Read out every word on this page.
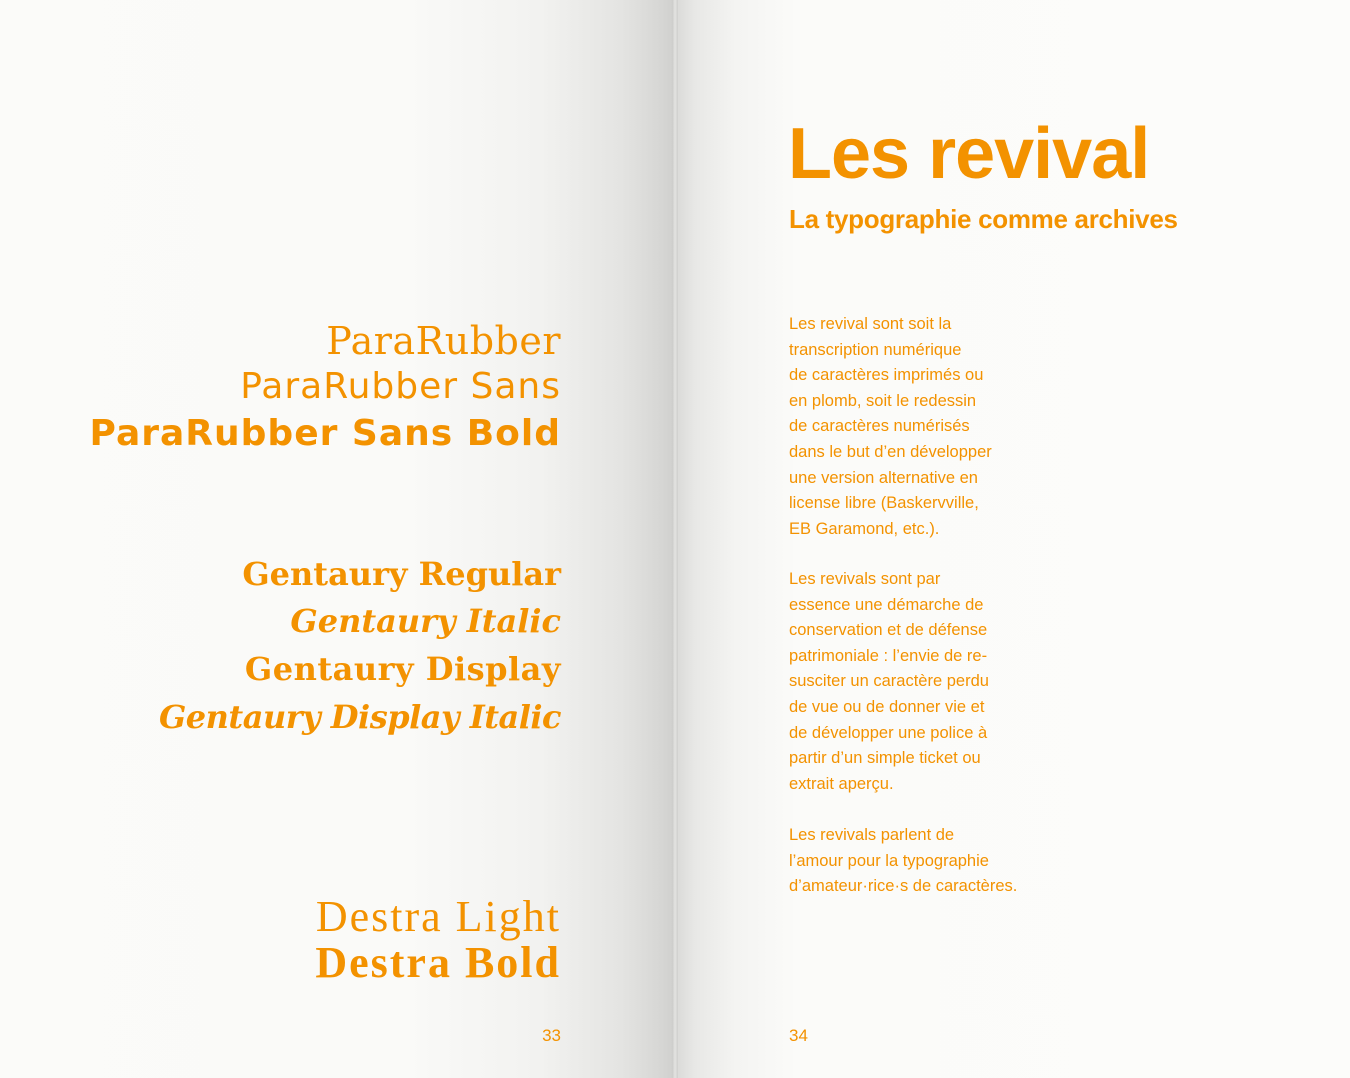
ParaRubber
ParaRubber Sans
ParaRubber Sans Bold
Gentaury Regular
Gentaury Italic
Gentaury Display
Gentaury Display Italic
Destra Light
Destra Bold
33
Les revival
La typographie comme archives
Les revival sont soit la
transcription numérique
de caractères imprimés ou
en plomb, soit le redessin
de caractères numérisés
dans le but d’en développer
une version alternative en
license libre (Baskervville,
EB Garamond, etc.).
Les revivals sont par
essence une démarche de
conservation et de défense
patrimoniale : l’envie de re-
susciter un caractère perdu
de vue ou de donner vie et
de développer une police à
partir d’un simple ticket ou
extrait aperçu.
Les revivals parlent de
l’amour pour la typographie
d’amateur·rice·s de caractères.
34
